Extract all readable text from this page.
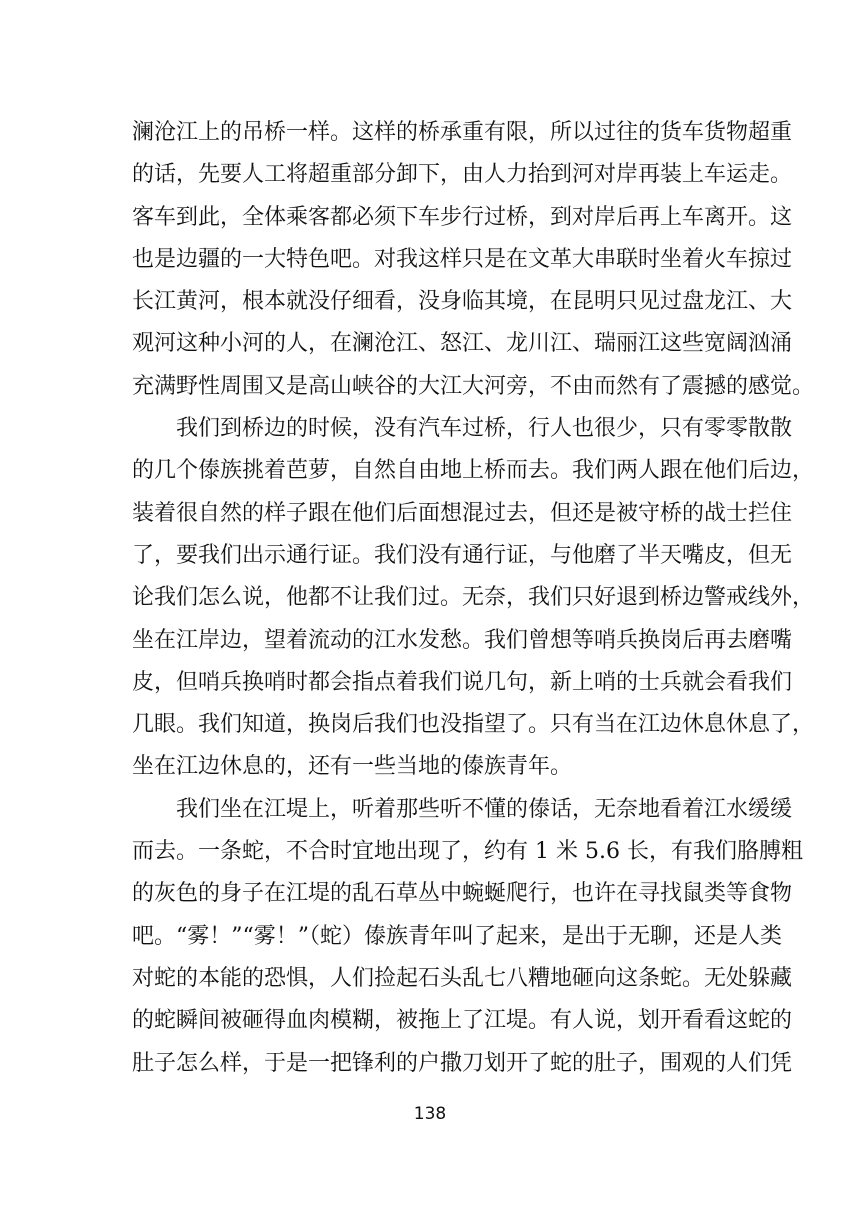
澜沧江上的吊桥一样。这样的桥承重有限，所以过往的货车货物超重
的话，先要人工将超重部分卸下，由人力抬到河对岸再装上车运走。
客车到此，全体乘客都必须下车步行过桥，到对岸后再上车离开。这
也是边疆的一大特色吧。对我这样只是在文革大串联时坐着火车掠过
长江黄河，根本就没仔细看，没身临其境，在昆明只见过盘龙江、大
观河这种小河的人，在澜沧江、怒江、龙川江、瑞丽江这些宽阔汹涌
充满野性周围又是高山峡谷的大江大河旁，不由而然有了震撼的感觉。
我们到桥边的时候，没有汽车过桥，行人也很少，只有零零散散
的几个傣族挑着芭萝，自然自由地上桥而去。我们两人跟在他们后边，
装着很自然的样子跟在他们后面想混过去，但还是被守桥的战士拦住
了，要我们出示通行证。我们没有通行证，与他磨了半天嘴皮，但无
论我们怎么说，他都不让我们过。无奈，我们只好退到桥边警戒线外，
坐在江岸边，望着流动的江水发愁。我们曾想等哨兵换岗后再去磨嘴
皮，但哨兵换哨时都会指点着我们说几句，新上哨的士兵就会看我们
几眼。我们知道，换岗后我们也没指望了。只有当在江边休息休息了，
坐在江边休息的，还有一些当地的傣族青年。
我们坐在江堤上，听着那些听不懂的傣话，无奈地看着江水缓缓
而去。一条蛇，不合时宜地出现了，约有 1 米 5.6 长，有我们胳膊粗
的灰色的身子在江堤的乱石草丛中蜿蜒爬行，也许在寻找鼠类等食物
吧。“雾！”“雾！”（蛇）傣族青年叫了起来，是出于无聊，还是人类
对蛇的本能的恐惧，人们捡起石头乱七八糟地砸向这条蛇。无处躲藏
的蛇瞬间被砸得血肉模糊，被拖上了江堤。有人说，划开看看这蛇的
肚子怎么样，于是一把锋利的户撒刀划开了蛇的肚子，围观的人们凭
138
